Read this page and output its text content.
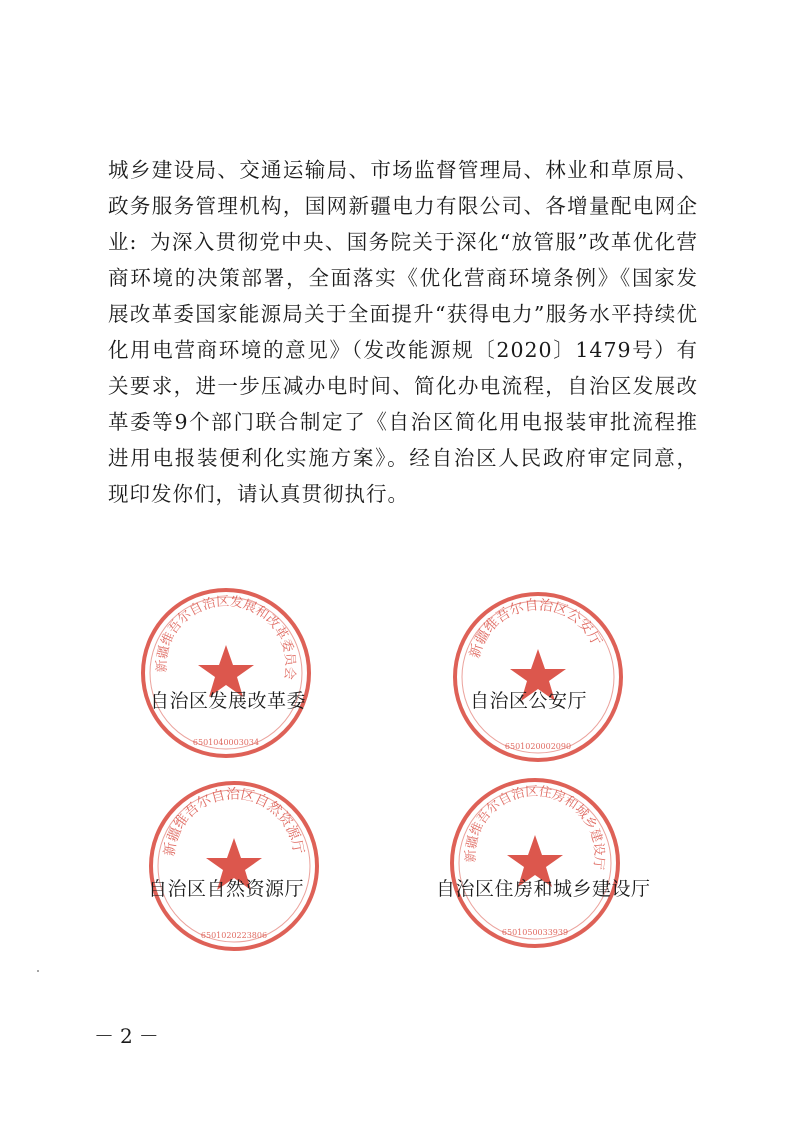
城乡建设局、交通运输局、市场监督管理局、林业和草原局、政务服务管理机构，国网新疆电力有限公司、各增量配电网企业: 为深入贯彻党中央、国务院关于深化“放管服”改革优化营商环境的决策部署，全面落实《优化营商环境条例》《国家发展改革委国家能源局关于全面提升“获得电力”服务水平持续优化用电营商环境的意见》（发改能源规〔2020〕1479号）有关要求，进一步压减办电时间、简化办电流程，自治区发展改革委等9个部门联合制定了《自治区简化用电报装审批流程推进用电报装便利化实施方案》。经自治区人民政府审定同意，现印发你们，请认真贯彻执行。

新疆维吾尔自治区发展和改革委员会
6501040003034
自治区发展改革委
新疆维吾尔自治区公安厅
6501020002090
自治区公安厅
新疆维吾尔自治区自然资源厅
6501020223806
自治区自然资源厅
新疆维吾尔自治区住房和城乡建设厅
6501050033939
自治区住房和城乡建设厅
－2－
